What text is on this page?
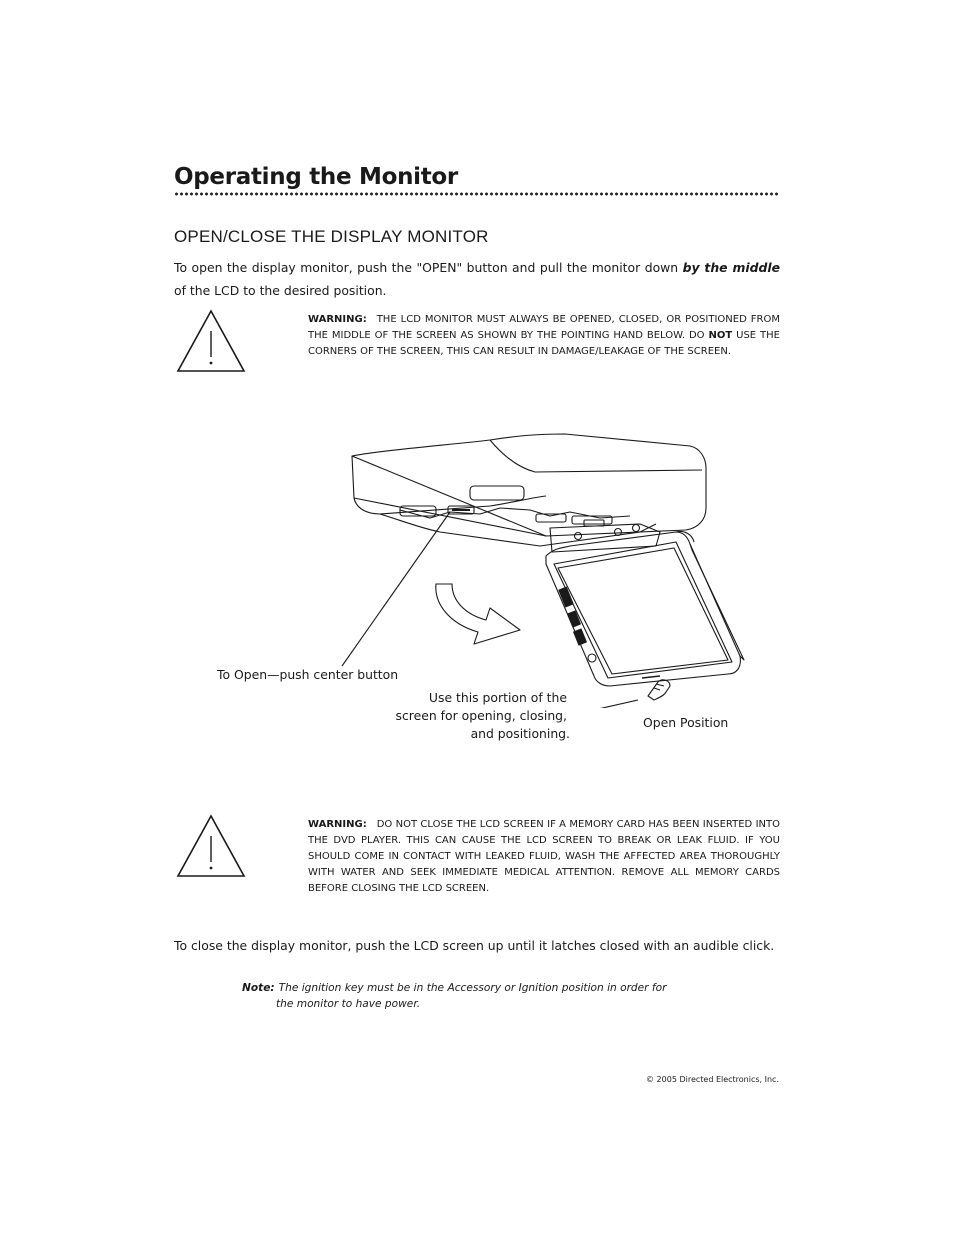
Operating the Monitor
OPEN/CLOSE THE DISPLAY MONITOR
To open the display monitor, push the "OPEN" button and pull the monitor down by the middle of the LCD to the desired position.
WARNING: THE LCD MONITOR MUST ALWAYS BE OPENED, CLOSED, OR POSITIONED FROM THE MIDDLE OF THE SCREEN AS SHOWN BY THE POINTING HAND BELOW. DO NOT USE THE CORNERS OF THE SCREEN, THIS CAN RESULT IN DAMAGE/LEAKAGE OF THE SCREEN.
To Open—push center button
Use this portion of the
screen for opening, closing,
and positioning.
Open Position
WARNING: DO NOT CLOSE THE LCD SCREEN IF A MEMORY CARD HAS BEEN INSERTED INTO THE DVD PLAYER. THIS CAN CAUSE THE LCD SCREEN TO BREAK OR LEAK FLUID. IF YOU SHOULD COME IN CONTACT WITH LEAKED FLUID, WASH THE AFFECTED AREA THOROUGHLY WITH WATER AND SEEK IMMEDIATE MEDICAL ATTENTION. REMOVE ALL MEMORY CARDS BEFORE CLOSING THE LCD SCREEN.
To close the display monitor, push the LCD screen up until it latches closed with an audible click.
Note: The ignition key must be in the Accessory or Ignition position in order for
the monitor to have power.
© 2005 Directed Electronics, Inc.
